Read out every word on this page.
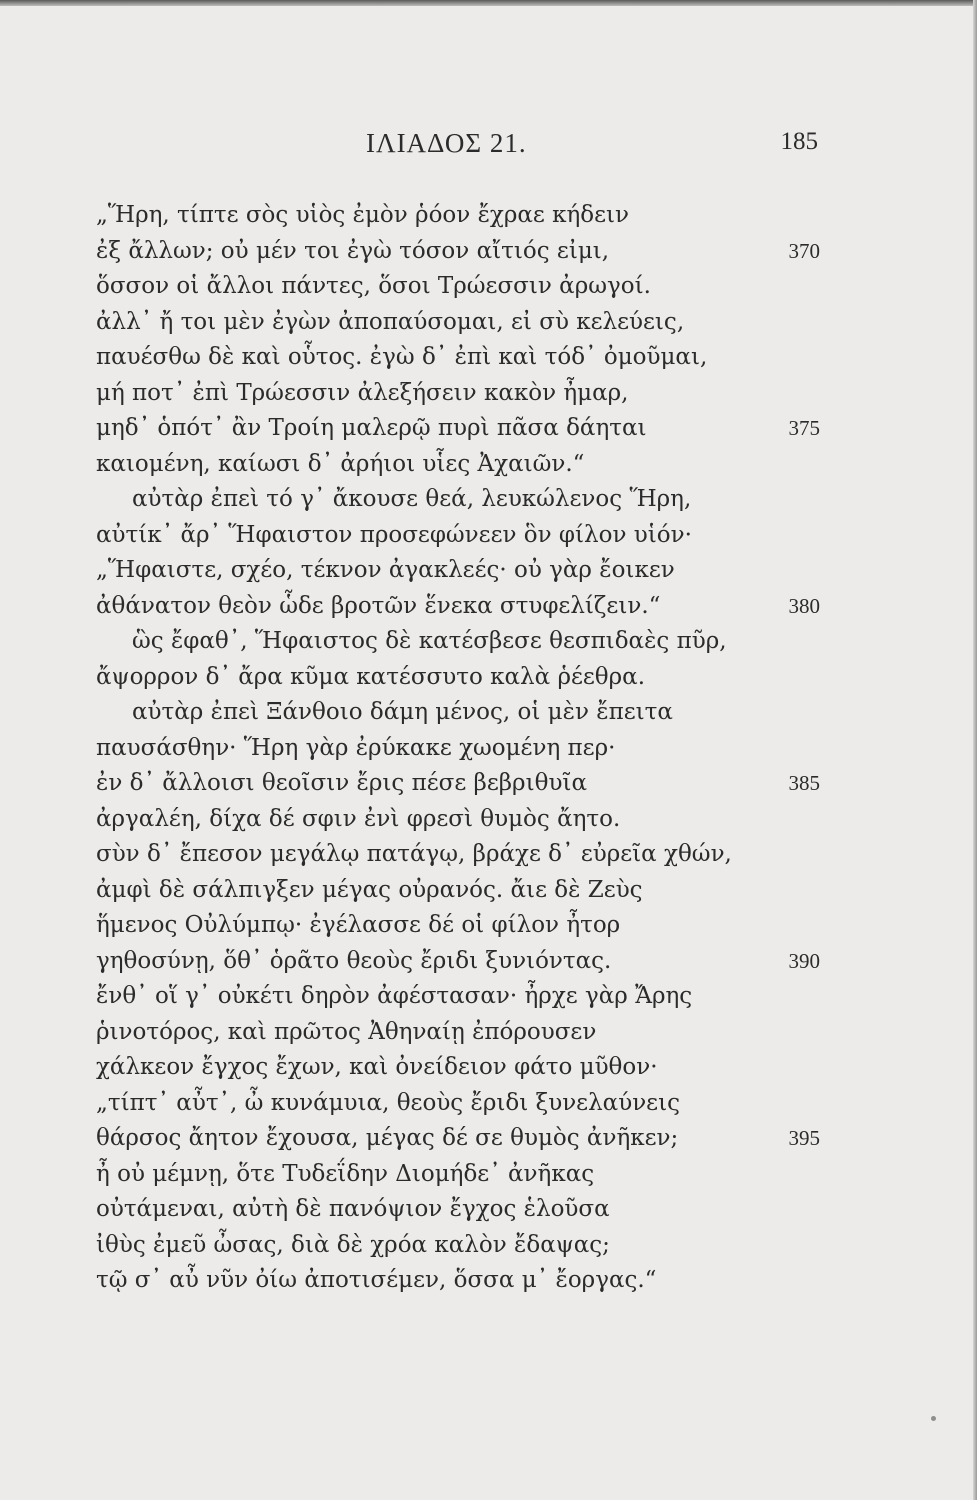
ΙΛΙΑΔΟΣ 21.	185
„Ἥρη, τίπτε σὸς υἱὸς ἐμὸν ῥόον ἔχραε κήδειν
ἐξ ἄλλων; οὐ μέν τοι ἐγὼ τόσον αἴτιός εἰμι,	370
ὅσσον οἱ ἄλλοι πάντες, ὅσοι Τρώεσσιν ἀρωγοί.
ἀλλ᾽ ἤ τοι μὲν ἐγὼν ἀποπαύσομαι, εἰ σὺ κελεύεις,
παυέσθω δὲ καὶ οὗτος. ἐγὼ δ᾽ ἐπὶ καὶ τόδ᾽ ὀμοῦμαι,
μή ποτ᾽ ἐπὶ Τρώεσσιν ἀλεξήσειν κακὸν ἦμαρ,
μηδ᾽ ὁπότ᾽ ἂν Τροίη μαλερῷ πυρὶ πᾶσα δάηται	375
καιομένη, καίωσι δ᾽ ἀρήιοι υἷες Ἀχαιῶν.“
αὐτὰρ ἐπεὶ τό γ᾽ ἄκουσε θεά, λευκώλενος Ἥρη,
αὐτίκ᾽ ἄρ᾽ Ἥφαιστον προσεφώνεεν ὃν φίλον υἱόν·
„Ἥφαιστε, σχέο, τέκνον ἀγακλεές· οὐ γὰρ ἔοικεν
ἀθάνατον θεὸν ὧδε βροτῶν ἕνεκα στυφελίζειν.“	380
ὣς ἔφαθ᾽, Ἥφαιστος δὲ κατέσβεσε θεσπιδαὲς πῦρ,
ἄψορρον δ᾽ ἄρα κῦμα κατέσσυτο καλὰ ῥέεθρα.
αὐτὰρ ἐπεὶ Ξάνθοιο δάμη μένος, οἱ μὲν ἔπειτα
παυσάσθην· Ἥρη γὰρ ἐρύκακε χωομένη περ·
ἐν δ᾽ ἄλλοισι θεοῖσιν ἔρις πέσε βεβριθυῖα	385
ἀργαλέη, δίχα δέ σφιν ἐνὶ φρεσὶ θυμὸς ἄητο.
σὺν δ᾽ ἔπεσον μεγάλῳ πατάγῳ, βράχε δ᾽ εὐρεῖα χθών,
ἀμφὶ δὲ σάλπιγξεν μέγας οὐρανός. ἄιε δὲ Ζεὺς
ἥμενος Οὐλύμπῳ· ἐγέλασσε δέ οἱ φίλον ἦτορ
γηθοσύνῃ, ὅθ᾽ ὁρᾶτο θεοὺς ἔριδι ξυνιόντας.	390
ἔνθ᾽ οἵ γ᾽ οὐκέτι δηρὸν ἀφέστασαν· ἦρχε γὰρ Ἄρης
ῥινοτόρος, καὶ πρῶτος Ἀθηναίῃ ἐπόρουσεν
χάλκεον ἔγχος ἔχων, καὶ ὀνείδειον φάτο μῦθον·
„τίπτ᾽ αὖτ᾽, ὦ κυνάμυια, θεοὺς ἔριδι ξυνελαύνεις
θάρσος ἄητον ἔχουσα, μέγας δέ σε θυμὸς ἀνῆκεν;	395
ἦ οὐ μέμνῃ, ὅτε Τυδεΐδην Διομήδε᾽ ἀνῆκας
οὐτάμεναι, αὐτὴ δὲ πανόψιον ἔγχος ἑλοῦσα
ἰθὺς ἐμεῦ ὦσας, διὰ δὲ χρόα καλὸν ἔδαψας;
τῷ σ᾽ αὖ νῦν ὀίω ἀποτισέμεν, ὅσσα μ᾽ ἔοργας.“
